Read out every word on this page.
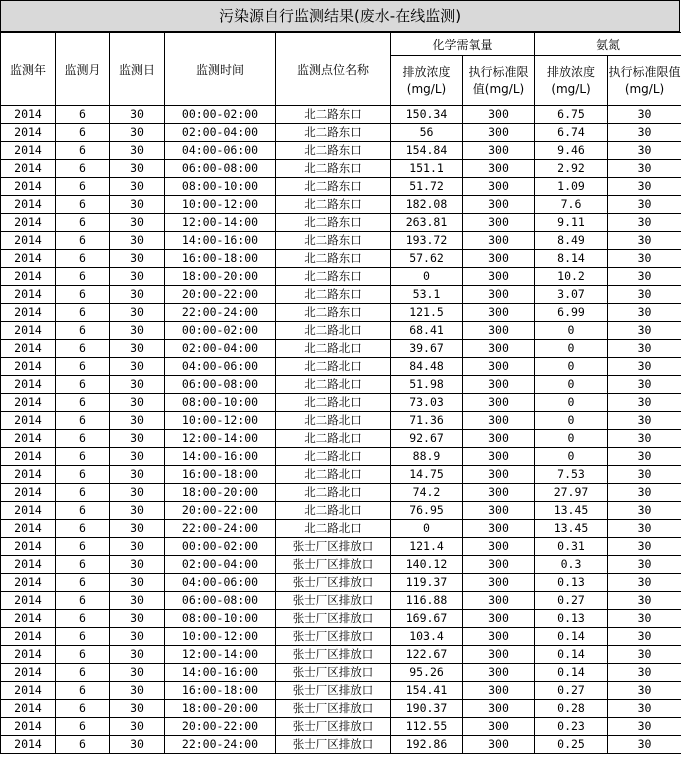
污染源自行监测结果(废水-在线监测)
监测年	监测月	监测日	监测时间	监测点位名称	化学需氧量		氨氮	
					排放浓度(mg/L)	执行标准限值(mg/L)	排放浓度(mg/L)	执行标准限值(mg/L)
2014	6	30	00:00-02:00	北二路东口	150.34	300	6.75	30
2014	6	30	02:00-04:00	北二路东口	56	300	6.74	30
2014	6	30	04:00-06:00	北二路东口	154.84	300	9.46	30
2014	6	30	06:00-08:00	北二路东口	151.1	300	2.92	30
2014	6	30	08:00-10:00	北二路东口	51.72	300	1.09	30
2014	6	30	10:00-12:00	北二路东口	182.08	300	7.6	30
2014	6	30	12:00-14:00	北二路东口	263.81	300	9.11	30
2014	6	30	14:00-16:00	北二路东口	193.72	300	8.49	30
2014	6	30	16:00-18:00	北二路东口	57.62	300	8.14	30
2014	6	30	18:00-20:00	北二路东口	0	300	10.2	30
2014	6	30	20:00-22:00	北二路东口	53.1	300	3.07	30
2014	6	30	22:00-24:00	北二路东口	121.5	300	6.99	30
2014	6	30	00:00-02:00	北二路北口	68.41	300	0	30
2014	6	30	02:00-04:00	北二路北口	39.67	300	0	30
2014	6	30	04:00-06:00	北二路北口	84.48	300	0	30
2014	6	30	06:00-08:00	北二路北口	51.98	300	0	30
2014	6	30	08:00-10:00	北二路北口	73.03	300	0	30
2014	6	30	10:00-12:00	北二路北口	71.36	300	0	30
2014	6	30	12:00-14:00	北二路北口	92.67	300	0	30
2014	6	30	14:00-16:00	北二路北口	88.9	300	0	30
2014	6	30	16:00-18:00	北二路北口	14.75	300	7.53	30
2014	6	30	18:00-20:00	北二路北口	74.2	300	27.97	30
2014	6	30	20:00-22:00	北二路北口	76.95	300	13.45	30
2014	6	30	22:00-24:00	北二路北口	0	300	13.45	30
2014	6	30	00:00-02:00	张士厂区排放口	121.4	300	0.31	30
2014	6	30	02:00-04:00	张士厂区排放口	140.12	300	0.3	30
2014	6	30	04:00-06:00	张士厂区排放口	119.37	300	0.13	30
2014	6	30	06:00-08:00	张士厂区排放口	116.88	300	0.27	30
2014	6	30	08:00-10:00	张士厂区排放口	169.67	300	0.13	30
2014	6	30	10:00-12:00	张士厂区排放口	103.4	300	0.14	30
2014	6	30	12:00-14:00	张士厂区排放口	122.67	300	0.14	30
2014	6	30	14:00-16:00	张士厂区排放口	95.26	300	0.14	30
2014	6	30	16:00-18:00	张士厂区排放口	154.41	300	0.27	30
2014	6	30	18:00-20:00	张士厂区排放口	190.37	300	0.28	30
2014	6	30	20:00-22:00	张士厂区排放口	112.55	300	0.23	30
2014	6	30	22:00-24:00	张士厂区排放口	192.86	300	0.25	30
